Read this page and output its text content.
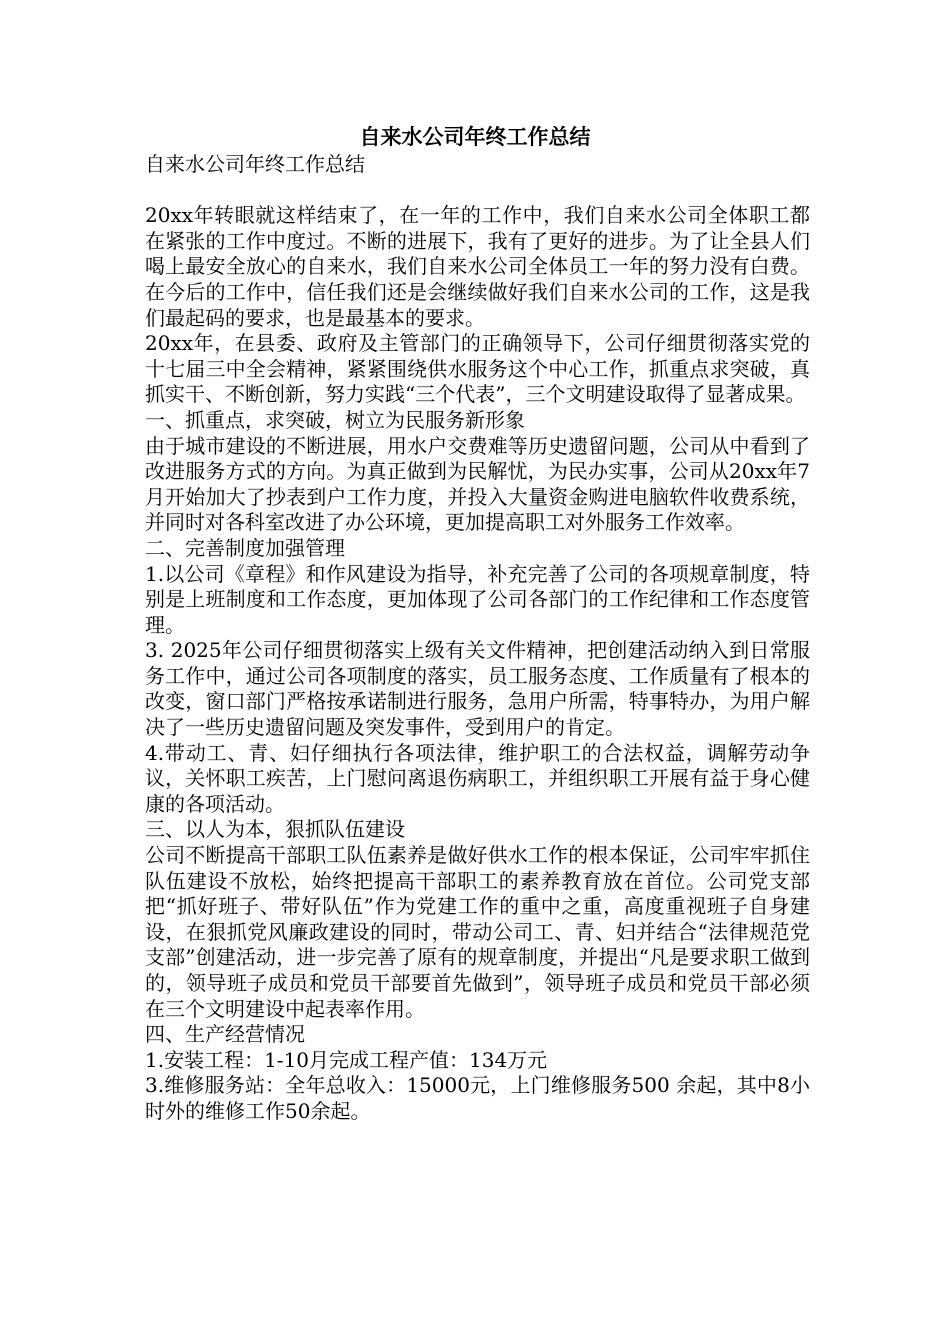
自来水公司年终工作总结

自来水公司年终工作总结

20xx年转眼就这样结束了，在一年的工作中，我们自来水公司全体职工都在紧张的工作中度过。不断的进展下，我有了更好的进步。为了让全县人们喝上最安全放心的自来水，我们自来水公司全体员工一年的努力没有白费。在今后的工作中，信任我们还是会继续做好我们自来水公司的工作，这是我们最起码的要求，也是最基本的要求。

20xx年，在县委、政府及主管部门的正确领导下，公司仔细贯彻落实党的十七届三中全会精神，紧紧围绕供水服务这个中心工作，抓重点求突破，真抓实干、不断创新，努力实践“三个代表”，三个文明建设取得了显著成果。

一、抓重点，求突破，树立为民服务新形象

由于城市建设的不断进展，用水户交费难等历史遗留问题，公司从中看到了改进服务方式的方向。为真正做到为民解忧，为民办实事，公司从20xx年7月开始加大了抄表到户工作力度，并投入大量资金购进电脑软件收费系统，并同时对各科室改进了办公环境，更加提高职工对外服务工作效率。

二、完善制度加强管理

1.以公司《章程》和作风建设为指导，补充完善了公司的各项规章制度，特别是上班制度和工作态度，更加体现了公司各部门的工作纪律和工作态度管理。

3. 2025年公司仔细贯彻落实上级有关文件精神，把创建活动纳入到日常服务工作中，通过公司各项制度的落实，员工服务态度、工作质量有了根本的改变，窗口部门严格按承诺制进行服务，急用户所需，特事特办，为用户解决了一些历史遗留问题及突发事件，受到用户的肯定。

4.带动工、青、妇仔细执行各项法律，维护职工的合法权益，调解劳动争议，关怀职工疾苦，上门慰问离退伤病职工，并组织职工开展有益于身心健康的各项活动。

三、以人为本，狠抓队伍建设

公司不断提高干部职工队伍素养是做好供水工作的根本保证，公司牢牢抓住队伍建设不放松，始终把提高干部职工的素养教育放在首位。公司党支部把“抓好班子、带好队伍”作为党建工作的重中之重，高度重视班子自身建设，在狠抓党风廉政建设的同时，带动公司工、青、妇并结合“法律规范党支部”创建活动，进一步完善了原有的规章制度，并提出“凡是要求职工做到的，领导班子成员和党员干部要首先做到”，领导班子成员和党员干部必须在三个文明建设中起表率作用。

四、生产经营情况

1.安装工程：1-10月完成工程产值：134万元

3.维修服务站：全年总收入：15000元，上门维修服务500 余起，其中8小时外的维修工作50余起。
